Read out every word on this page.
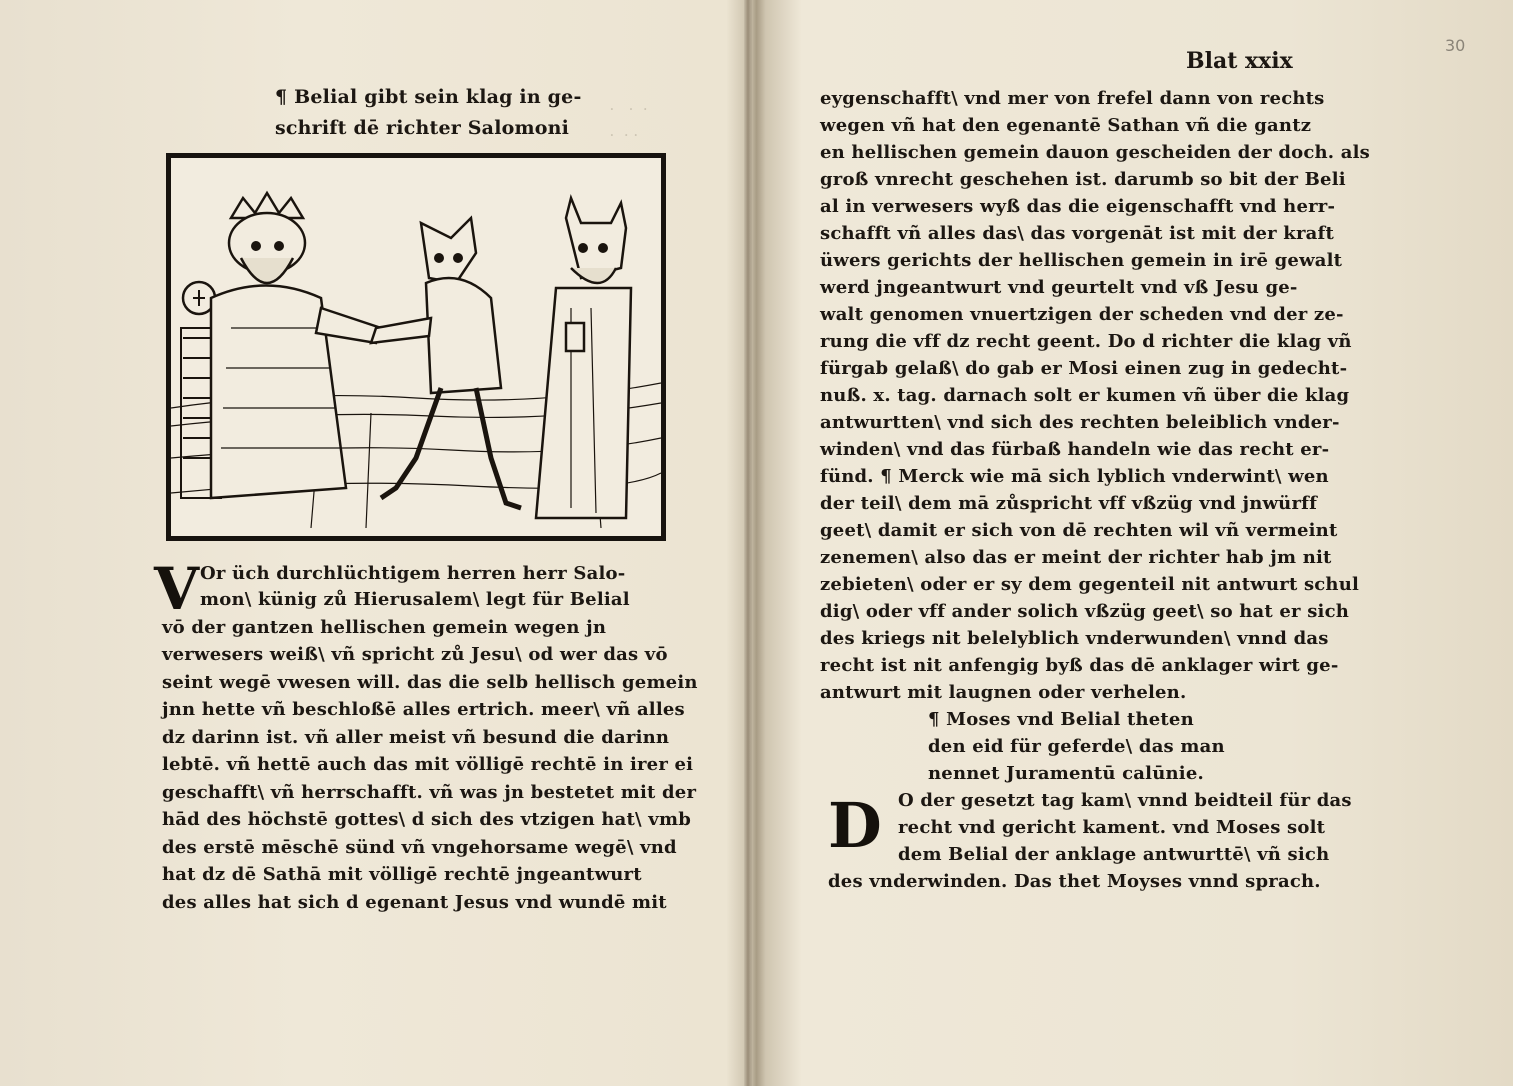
·   ·  ·
·  · ·

¶ Belial gibt sein klag in ge-
schrift dē richter Salomoni
V Or üch durchlüchtigem herren herr Salo-
mon\ künig zů Hierusalem\ legt für Belial
vō der gantzen hellischen gemein wegen jn
verwesers weiß\ vñ spricht zů Jesu\ od wer das vō
seint wegē vwesen will. das die selb hellisch gemein
jnn hette vñ beschloßē alles ertrich. meer\ vñ alles
dz darinn ist. vñ aller meist vñ besund die darinn
lebtē. vñ hettē auch das mit völligē rechtē in irer ei
geschafft\ vñ herrschafft. vñ was jn bestetet mit der
hād des höchstē gottes\ d sich des vtzigen hat\ vmb
des erstē mēschē sünd vñ vngehorsame wegē\ vnd
hat dz dē Sathā mit völligē rechtē jngeantwurt
des alles hat sich d egenant Jesus vnd wundē mit
Blat xxix
30
eygenschafft\ vnd mer von frefel dann von rechts
wegen vñ hat den egenantē Sathan vñ die gantz
en hellischen gemein dauon gescheiden der doch. als
groß vnrecht geschehen ist. darumb so bit der Beli
al in verwesers wyß das die eigenschafft vnd herr-
schafft vñ alles das\ das vorgenāt ist mit der kraft
üwers gerichts der hellischen gemein in irē gewalt
werd jngeantwurt vnd geurtelt vnd vß Jesu ge-
walt genomen vnuertzigen der scheden vnd der ze-
rung die vff dz recht geent. Do d richter die klag vñ
fürgab gelaß\ do gab er Mosi einen zug in gedecht-
nuß. x. tag. darnach solt er kumen vñ über die klag
antwurtten\ vnd sich des rechten beleiblich vnder-
winden\ vnd das fürbaß handeln wie das recht er-
fünd. ¶ Merck wie mā sich lyblich vnderwint\ wen
der teil\ dem mā zůspricht vff vßzüg vnd jnwürff
geet\ damit er sich von dē rechten wil vñ vermeint
zenemen\ also das er meint der richter hab jm nit
zebieten\ oder er sy dem gegenteil nit antwurt schul
dig\ oder vff ander solich vßzüg geet\ so hat er sich
des kriegs nit belelyblich vnderwunden\ vnnd das
recht ist nit anfengig byß das dē anklager wirt ge-
antwurt mit laugnen oder verhelen.
¶ Moses vnd Belial theten
den eid für geferde\ das man
nennet Juramentū calūnie.
D O der gesetzt tag kam\ vnnd beidteil für das
recht vnd gericht kament. vnd Moses solt
dem Belial der anklage antwurttē\ vñ sich
des vnderwinden. Das thet Moyses vnnd sprach.
